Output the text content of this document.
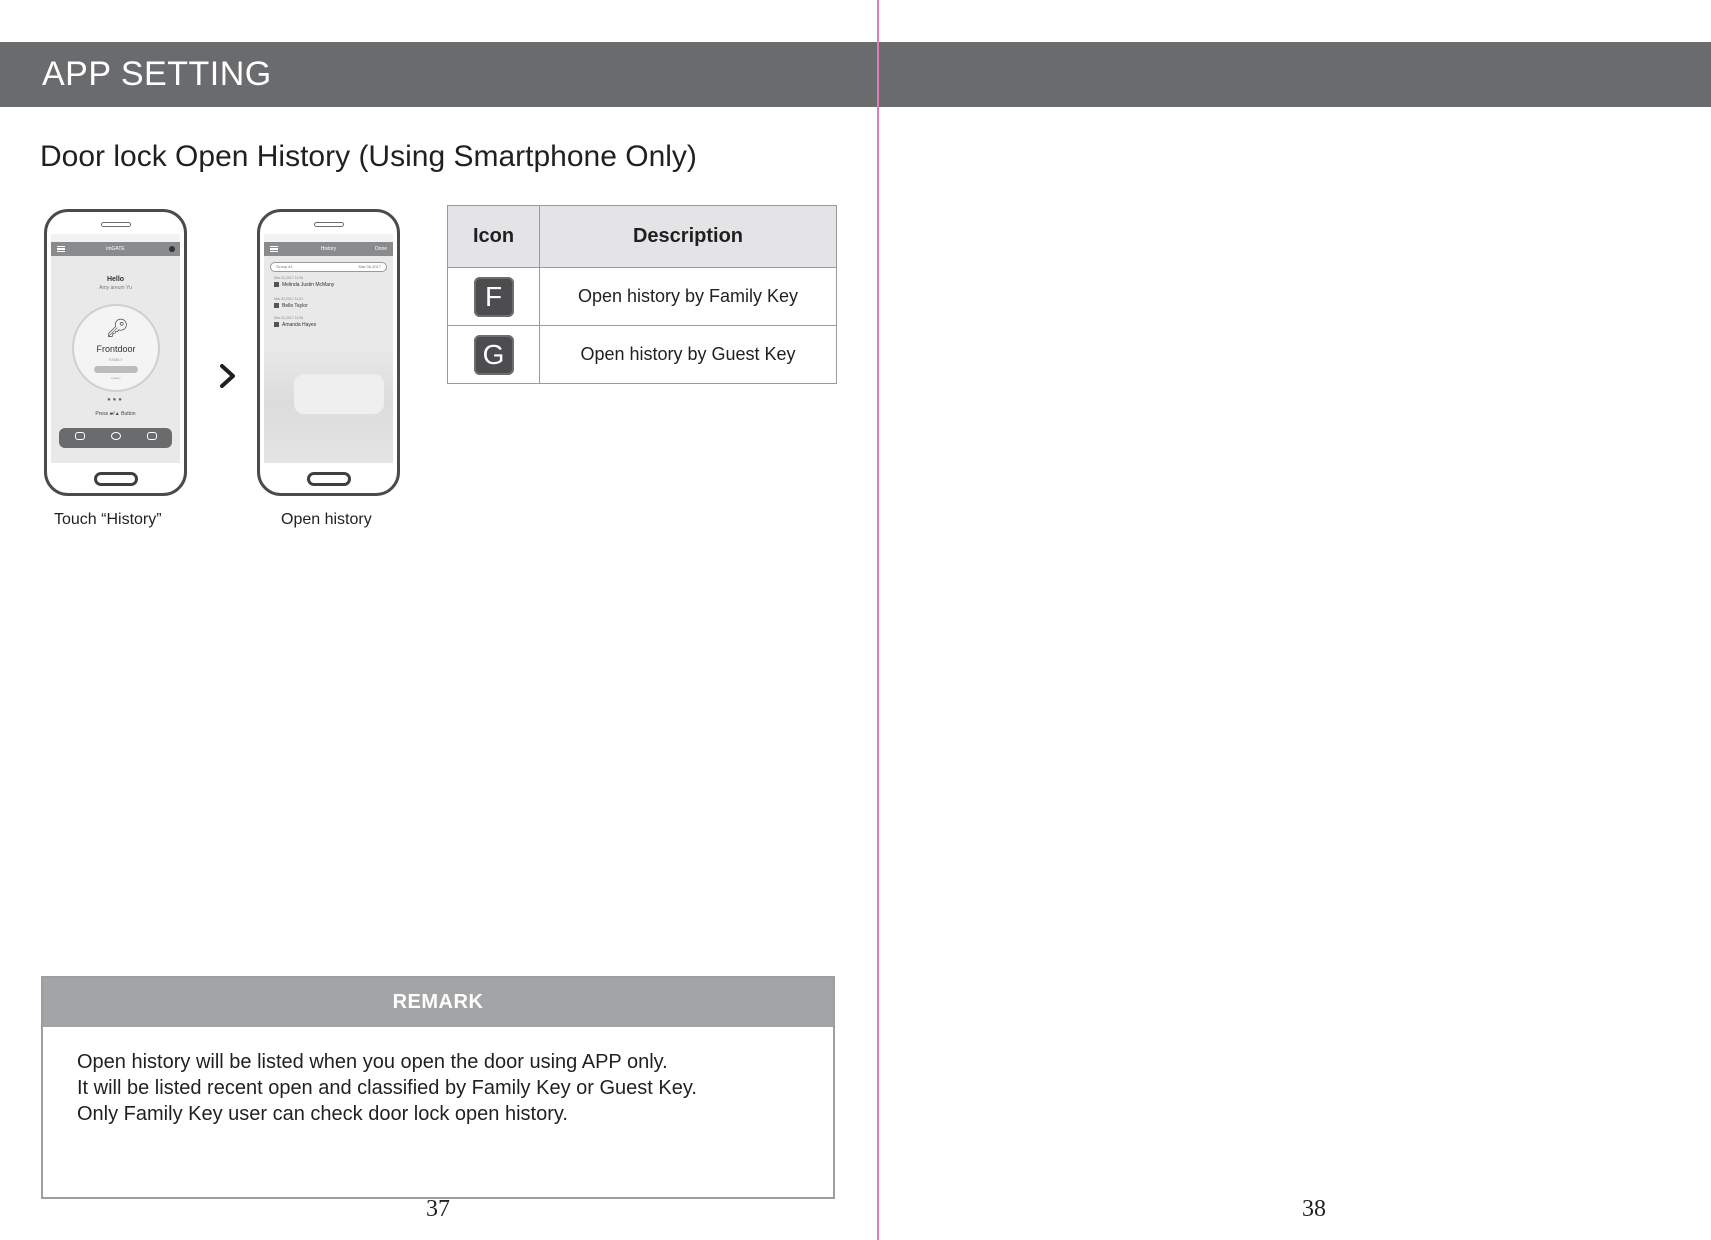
APP SETTING
Door lock Open History (Using Smartphone Only)
imGATE
Hello
Amy areum Yu
🔑︎
Frontdoor
FAMILY
battery
●●●
Press ▰/▲ Button
Touch “History”
History	Done
Group #1	Mar 06,2017
Mar 02,2017 11:00
Melinda Justin McMany
Mar 02,2017 11:01
Belle Taylor
Mar 02,2017 11:06
Amanda Hayes
Open history
Icon	Description
F	Open history by Family Key
G	Open history by Guest Key
REMARK
Open history will be listed when you open the door using APP only.
It will be listed recent open and classified by Family Key or Guest Key.
Only Family Key user can check door lock open history.
37	38
